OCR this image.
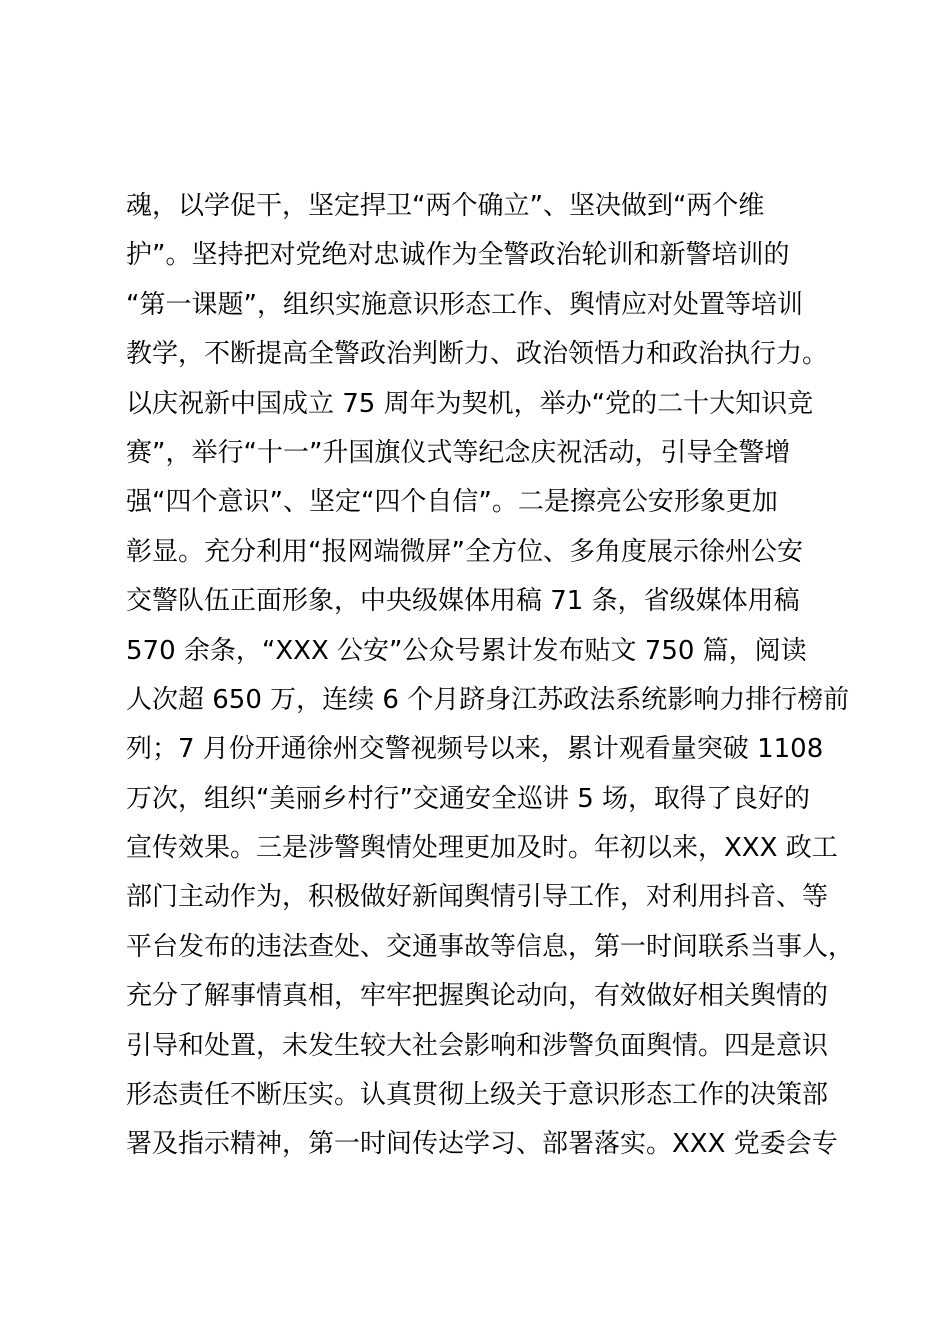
魂，以学促干，坚定捍卫“两个确立”、坚决做到“两个维
护”。坚持把对党绝对忠诚作为全警政治轮训和新警培训的
“第一课题”，组织实施意识形态工作、舆情应对处置等培训
教学，不断提高全警政治判断力、政治领悟力和政治执行力。
以庆祝新中国成立 75 周年为契机，举办“党的二十大知识竞
赛”，举行“十一”升国旗仪式等纪念庆祝活动，引导全警增
强“四个意识”、坚定“四个自信”。二是擦亮公安形象更加
彰显。充分利用“报网端微屏”全方位、多角度展示徐州公安
交警队伍正面形象，中央级媒体用稿 71 条，省级媒体用稿
570 余条，“XXX 公安”公众号累计发布贴文 750 篇，阅读
人次超 650 万，连续 6 个月跻身江苏政法系统影响力排行榜前
列；7 月份开通徐州交警视频号以来，累计观看量突破 1108
万次，组织“美丽乡村行”交通安全巡讲 5 场，取得了良好的
宣传效果。三是涉警舆情处理更加及时。年初以来，XXX 政工
部门主动作为，积极做好新闻舆情引导工作，对利用抖音、等
平台发布的违法查处、交通事故等信息，第一时间联系当事人，
充分了解事情真相，牢牢把握舆论动向，有效做好相关舆情的
引导和处置，未发生较大社会影响和涉警负面舆情。四是意识
形态责任不断压实。认真贯彻上级关于意识形态工作的决策部
署及指示精神，第一时间传达学习、部署落实。XXX 党委会专
